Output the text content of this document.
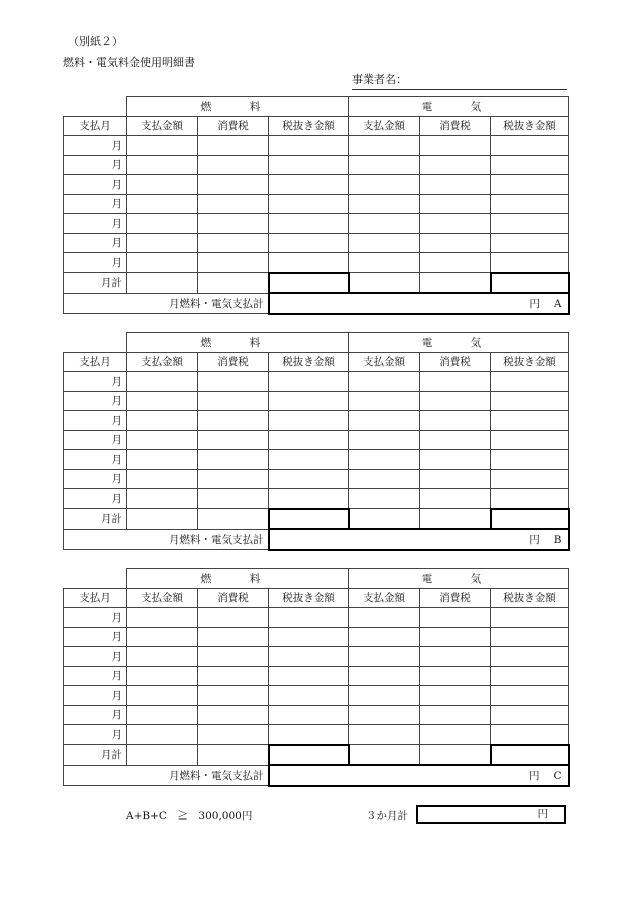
（別紙２）
燃料・電気料金使用明細書
事業者名：
	燃　料			電　気		
支払月	支払金額	消費税	税抜き金額	支払金額	消費税	税抜き金額
月						
月						
月						
月						
月						
月						
月						
月計						
月燃料・電気支払計			円 A			
	燃　料			電　気		
支払月	支払金額	消費税	税抜き金額	支払金額	消費税	税抜き金額
月						
月						
月						
月						
月						
月						
月						
月計						
月燃料・電気支払計			円 B			
	燃　料			電　気		
支払月	支払金額	消費税	税抜き金額	支払金額	消費税	税抜き金額
月						
月						
月						
月						
月						
月						
月						
月計						
月燃料・電気支払計			円 C			
A+B+C　≧　300,000円	３か月計	円
